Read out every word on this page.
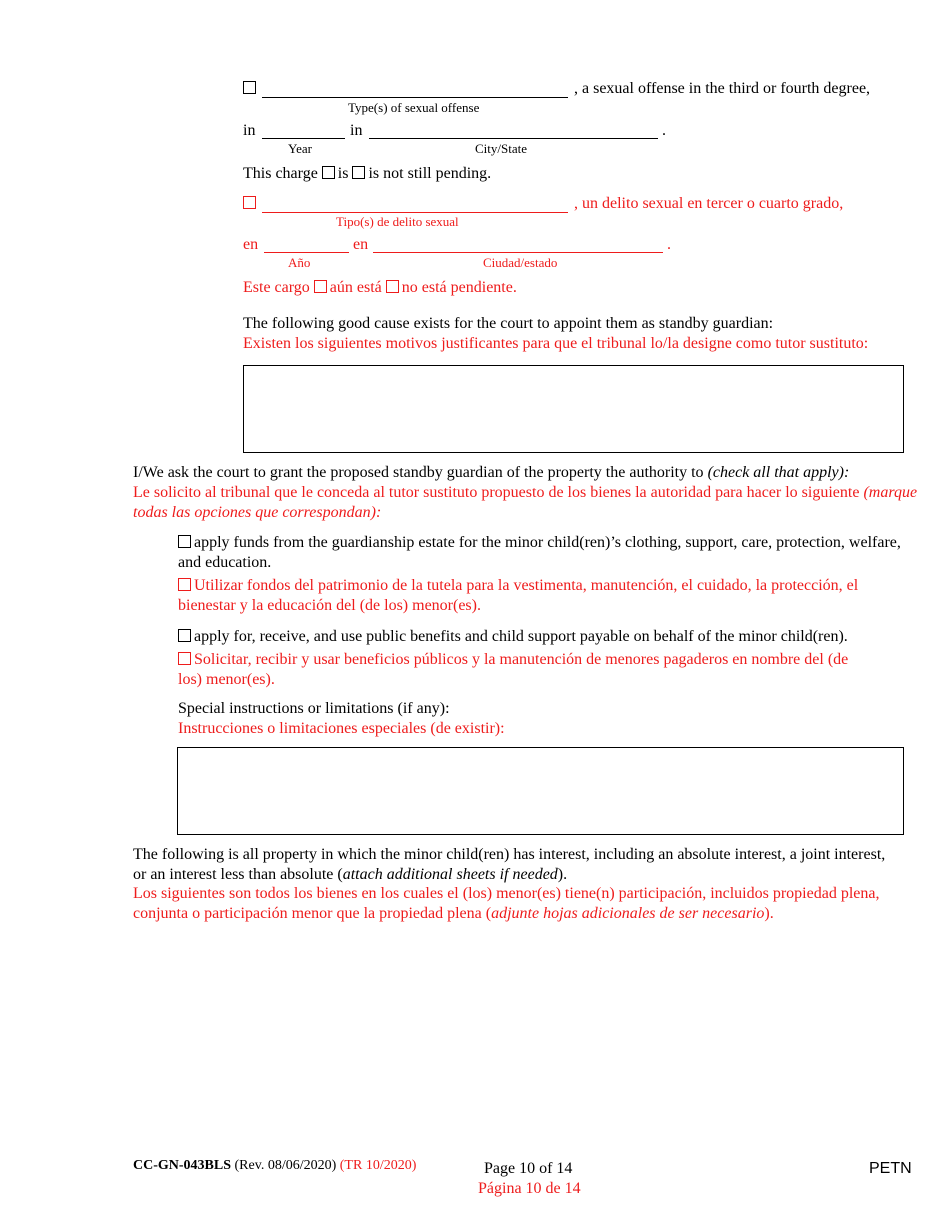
, a sexual offense in the third or fourth degree,
Type(s) of sexual offense
in	in	.
Year	City/State
This charge is is not still pending.
, un delito sexual en tercer o cuarto grado,
Tipo(s) de delito sexual
en	en	.
Año	Ciudad/estado
Este cargo aún está no está pendiente.
The following good cause exists for the court to appoint them as standby guardian:
Existen los siguientes motivos justificantes para que el tribunal lo/la designe como tutor sustituto:
I/We ask the court to grant the proposed standby guardian of the property the authority to (check all that apply):
Le solicito al tribunal que le conceda al tutor sustituto propuesto de los bienes la autoridad para hacer lo siguiente (marque todas las opciones que correspondan):
apply funds from the guardianship estate for the minor child(ren)’s clothing, support, care, protection, welfare, and education.
Utilizar fondos del patrimonio de la tutela para la vestimenta, manutención, el cuidado, la protección, el bienestar y la educación del (de los) menor(es).
apply for, receive, and use public benefits and child support payable on behalf of the minor child(ren).
Solicitar, recibir y usar beneficios públicos y la manutención de menores pagaderos en nombre del (de los) menor(es).
Special instructions or limitations (if any):
Instrucciones o limitaciones especiales (de existir):
The following is all property in which the minor child(ren) has interest, including an absolute interest, a joint interest, or an interest less than absolute (attach additional sheets if needed).
Los siguientes son todos los bienes en los cuales el (los) menor(es) tiene(n) participación, incluidos propiedad plena, conjunta o participación menor que la propiedad plena (adjunte hojas adicionales de ser necesario).
CC-GN-043BLS (Rev. 08/06/2020) (TR 10/2020)	Page 10 of 14
Página 10 de 14
PETN
